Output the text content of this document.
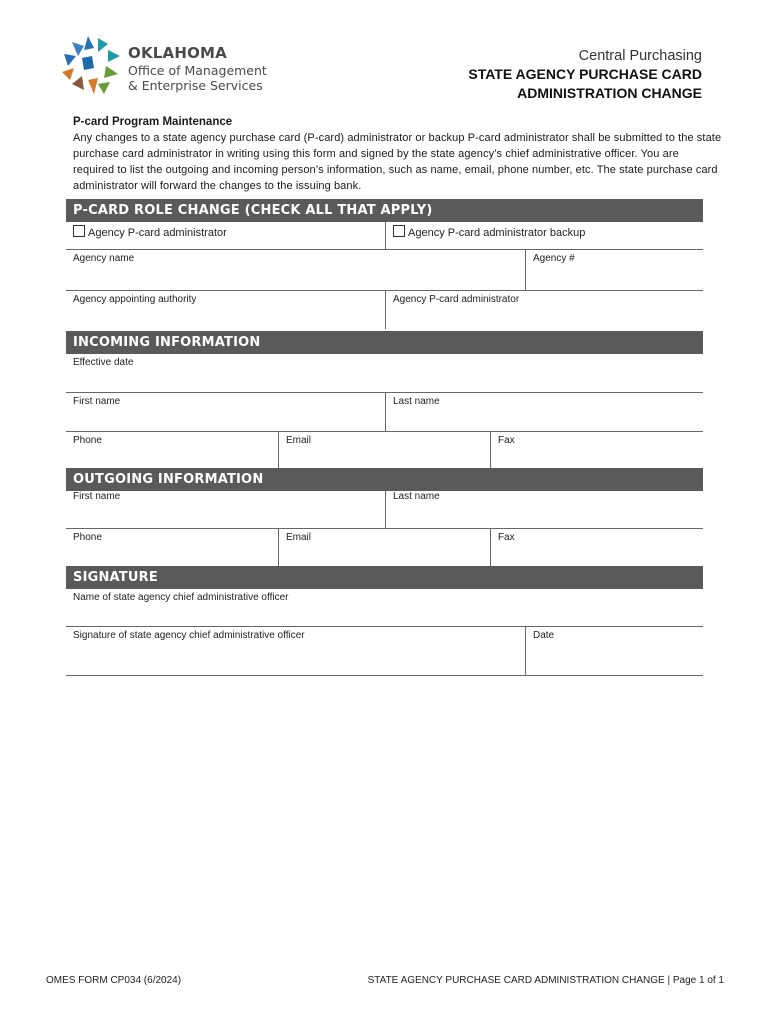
OKLAHOMA
Office of Management
& Enterprise Services
Central Purchasing
STATE AGENCY PURCHASE CARD
ADMINISTRATION CHANGE
P-card Program Maintenance

Any changes to a state agency purchase card (P-card) administrator or backup P-card administrator shall be submitted to the state purchase card administrator in writing using this form and signed by the state agency’s chief administrative officer. You are required to list the outgoing and incoming person’s information, such as name, email, phone number, etc. The state purchase card administrator will forward the changes to the issuing bank.

P-CARD ROLE CHANGE (CHECK ALL THAT APPLY)
Agency P-card administrator	Agency P-card administrator backup
Agency name	Agency #
Agency appointing authority	Agency P-card administrator
INCOMING INFORMATION
Effective date
First name	Last name
Phone	Email	Fax
OUTGOING INFORMATION
First name	Last name
Phone	Email	Fax
SIGNATURE
Name of state agency chief administrative officer
Signature of state agency chief administrative officer	Date
OMES FORM CP034 (6/2024)	STATE AGENCY PURCHASE CARD ADMINISTRATION CHANGE | Page 1 of 1
